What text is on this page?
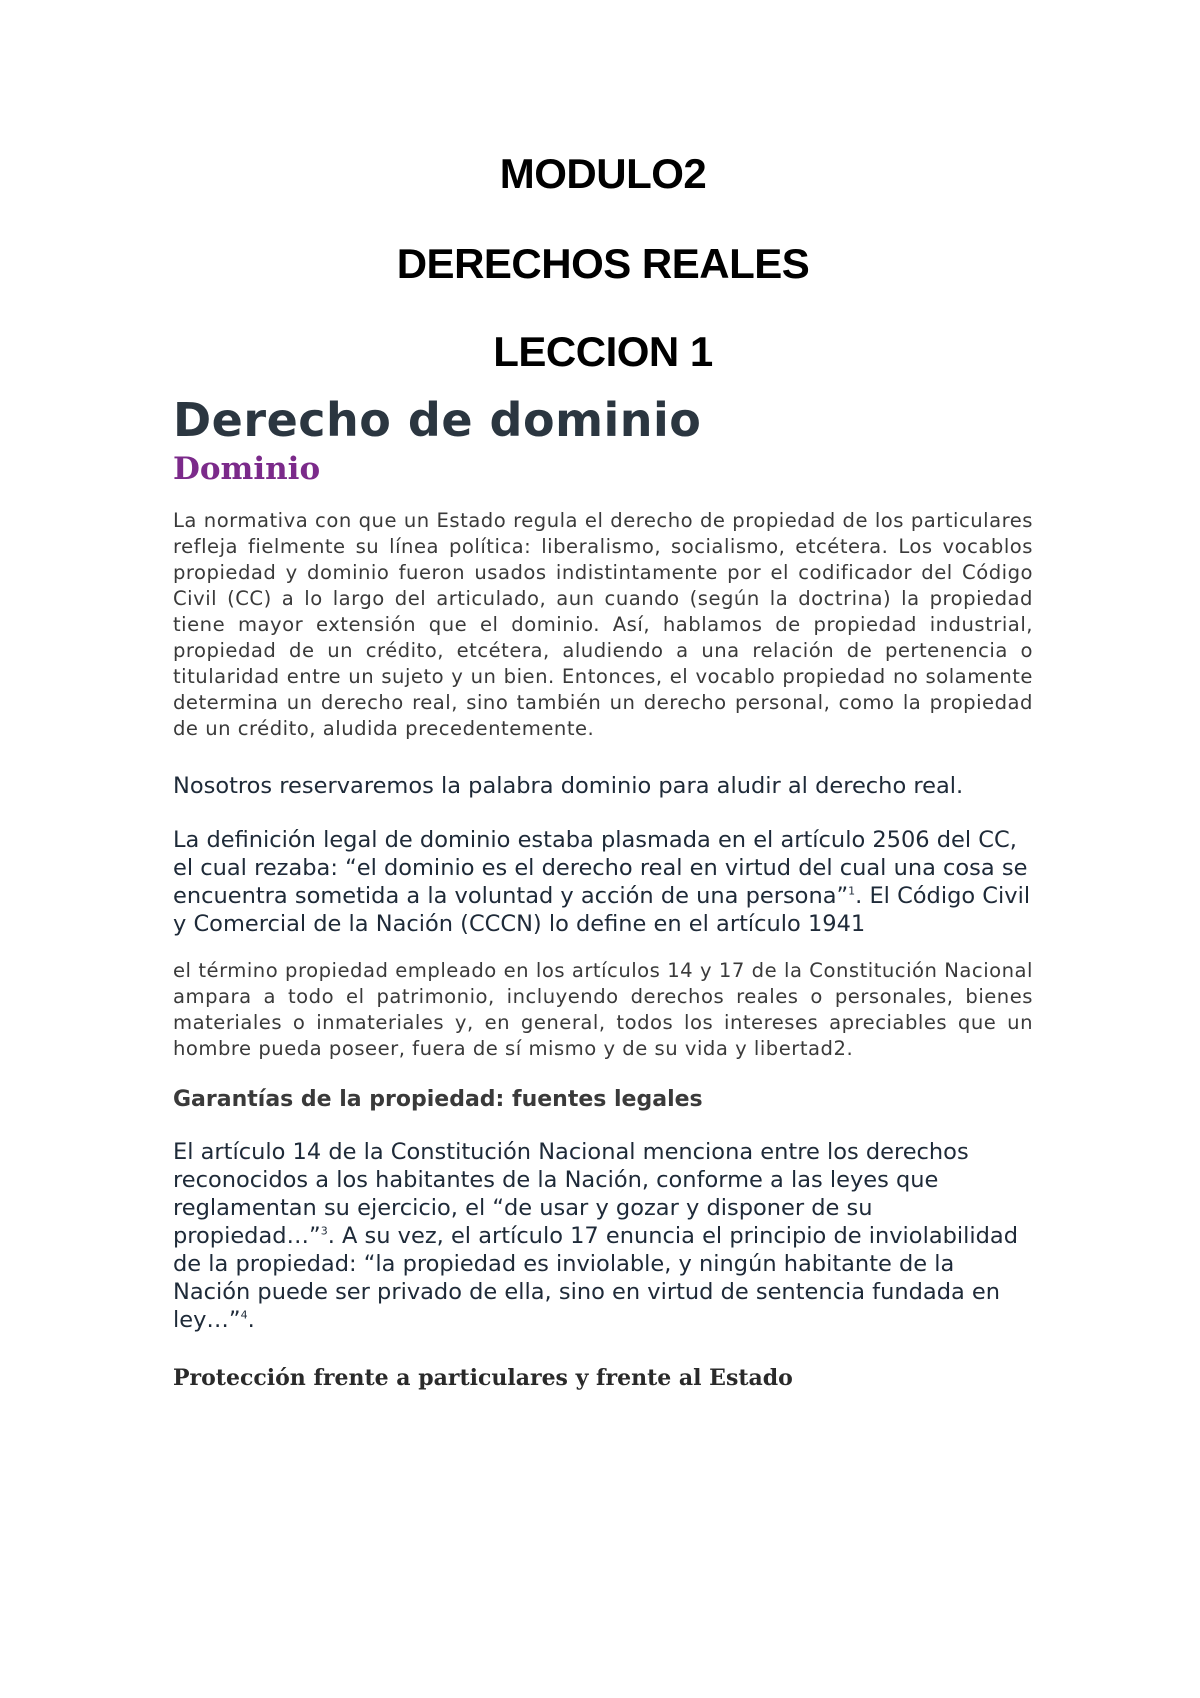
MODULO2

DERECHOS REALES

LECCION 1

Derecho de dominio
Dominio

La normativa con que un Estado regula el derecho de propiedad de los particulares refleja fielmente su línea política: liberalismo, socialismo, etcétera. Los vocablos propiedad y dominio fueron usados indistintamente por el codificador del Código Civil (CC) a lo largo del articulado, aun cuando (según la doctrina) la propiedad tiene mayor extensión que el dominio. Así, hablamos de propiedad industrial, propiedad de un crédito, etcétera, aludiendo a una relación de pertenencia o titularidad entre un sujeto y un bien. Entonces, el vocablo propiedad no solamente determina un derecho real, sino también un derecho personal, como la propiedad de un crédito, aludida precedentemente.

Nosotros reservaremos la palabra dominio para aludir al derecho real.

La definición legal de dominio estaba plasmada en el artículo 2506 del CC, el cual rezaba: “el dominio es el derecho real en virtud del cual una cosa se encuentra sometida a la voluntad y acción de una persona”$^1$. El Código Civil y Comercial de la Nación (CCCN) lo define en el artículo 1941

el término propiedad empleado en los artículos 14 y 17 de la Constitución Nacional ampara a todo el patrimonio, incluyendo derechos reales o personales, bienes materiales o inmateriales y, en general, todos los intereses apreciables que un hombre pueda poseer, fuera de sí mismo y de su vida y libertad2.

Garantías de la propiedad: fuentes legales

El artículo 14 de la Constitución Nacional menciona entre los derechos reconocidos a los habitantes de la Nación, conforme a las leyes que reglamentan su ejercicio, el “de usar y gozar y disponer de su propiedad…”$^3$. A su vez, el artículo 17 enuncia el principio de inviolabilidad de la propiedad: “la propiedad es inviolable, y ningún habitante de la Nación puede ser privado de ella, sino en virtud de sentencia fundada en ley…”$^4$.

Protección frente a particulares y frente al Estado
